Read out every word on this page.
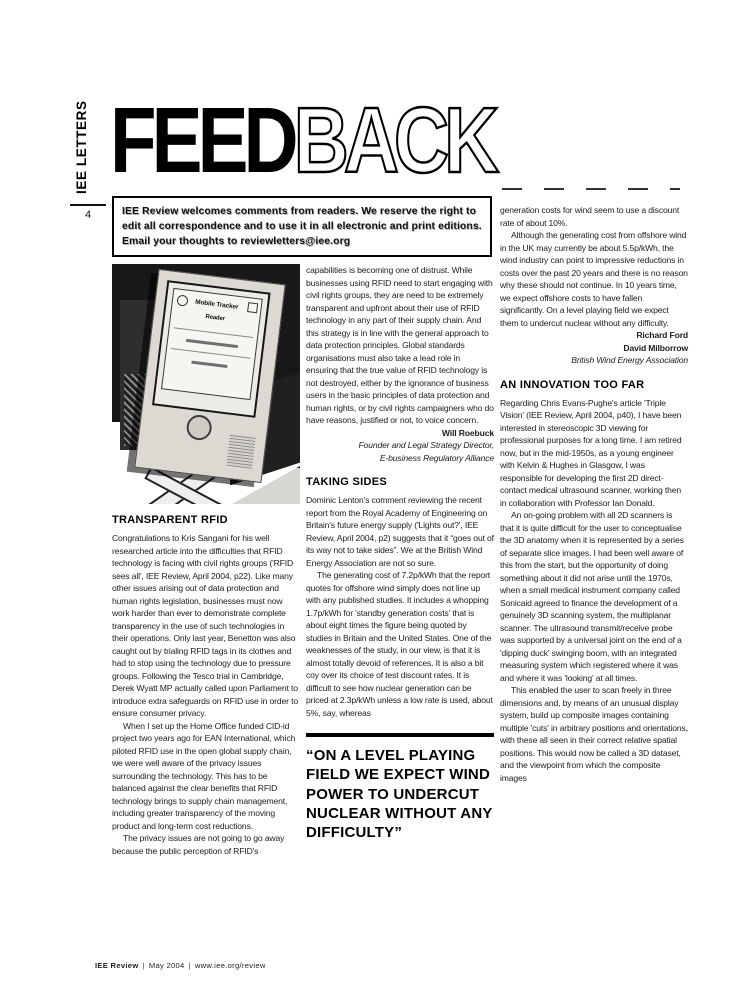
IEE LETTERS
4
FEEDBACK
IEE Review welcomes comments from readers. We reserve the right to edit all correspondence and to use it in all electronic and print editions. Email your thoughts to reviewletters@iee.org
Mobile Tracker
Reader
TRANSPARENT RFID

Congratulations to Kris Sangani for his well researched article into the difficulties that RFID technology is facing with civil rights groups ('RFID sees all', IEE Review, April 2004, p22). Like many other issues arising out of data protection and human rights legislation, businesses must now work harder than ever to demonstrate complete transparency in the use of such technologies in their operations. Only last year, Benetton was also caught out by trialing RFID tags in its clothes and had to stop using the technology due to pressure groups. Following the Tesco trial in Cambridge, Derek Wyatt MP actually called upon Parliament to introduce extra safeguards on RFID use in order to ensure consumer privacy.

When I set up the Home Office funded CID-id project two years ago for EAN International, which piloted RFID use in the open global supply chain, we were well aware of the privacy issues surrounding the technology. This has to be balanced against the clear benefits that RFID technology brings to supply chain management, including greater transparency of the moving product and long-term cost reductions.

The privacy issues are not going to go away because the public perception of RFID's

capabilities is becoming one of distrust. While businesses using RFID need to start engaging with civil rights groups, they are need to be extremely transparent and upfront about their use of RFID technology in any part of their supply chain. And this strategy is in line with the general approach to data protection principles. Global standards organisations must also take a lead role in ensuring that the true value of RFID technology is not destroyed, either by the ignorance of business users in the basic principles of data protection and human rights, or by civil rights campaigners who do have reasons, justified or not, to voice concern.

Will Roebuck
Founder and Legal Strategy Director,
E-business Regulatory Alliance
TAKING SIDES

Dominic Lenton's comment reviewing the recent report from the Royal Academy of Engineering on Britain's future energy supply ('Lights out?', IEE Review, April 2004, p2) suggests that it “goes out of its way not to take sides”. We at the British Wind Energy Association are not so sure.

The generating cost of 7.2p/kWh that the report quotes for offshore wind simply does not line up with any published studies. It includes a whopping 1.7p/kWh for 'standby generation costs' that is about eight times the figure being quoted by studies in Britain and the United States. One of the weaknesses of the study, in our view, is that it is almost totally devoid of references. It is also a bit coy over its choice of test discount rates. It is difficult to see how nuclear generation can be priced at 2.3p/kWh unless a low rate is used, about 5%, say, whereas

“ON A LEVEL PLAYING FIELD WE EXPECT WIND POWER TO UNDERCUT NUCLEAR WITHOUT ANY DIFFICULTY”

generation costs for wind seem to use a discount rate of about 10%.

Although the generating cost from offshore wind in the UK may currently be about 5.5p/kWh, the wind industry can point to impressive reductions in costs over the past 20 years and there is no reason why these should not continue. In 10 years time, we expect offshore costs to have fallen significantly. On a level playing field we expect them to undercut nuclear without any difficulty.

Richard Ford
David Milborrow
British Wind Energy Association
AN INNOVATION TOO FAR

Regarding Chris Evans-Pughe's article 'Triple Vision' (IEE Review, April 2004, p40), I have been interested in stereoscopic 3D viewing for professional purposes for a long time. I am retired now, but in the mid-1950s, as a young engineer with Kelvin & Hughes in Glasgow, I was responsible for developing the first 2D direct-contact medical ultrasound scanner, working then in collaboration with Professor Ian Donald.

An on-going problem with all 2D scanners is that it is quite difficult for the user to conceptualise the 3D anatomy when it is represented by a series of separate slice images. I had been well aware of this from the start, but the opportunity of doing something about it did not arise until the 1970s, when a small medical instrument company called Sonicaid agreed to finance the development of a genuinely 3D scanning system, the multiplanar scanner. The ultrasound transmit/receive probe was supported by a universal joint on the end of a 'dipping duck' swinging boom, with an integrated measuring system which registered where it was and where it was 'looking' at all times.

This enabled the user to scan freely in three dimensions and, by means of an unusual display system, build up composite images containing multiple 'cuts' in arbitrary positions and orientations, with these all seen in their correct relative spatial positions. This would now be called a 3D dataset, and the viewpoint from which the composite images

IEE Review | May 2004 | www.iee.org/review
